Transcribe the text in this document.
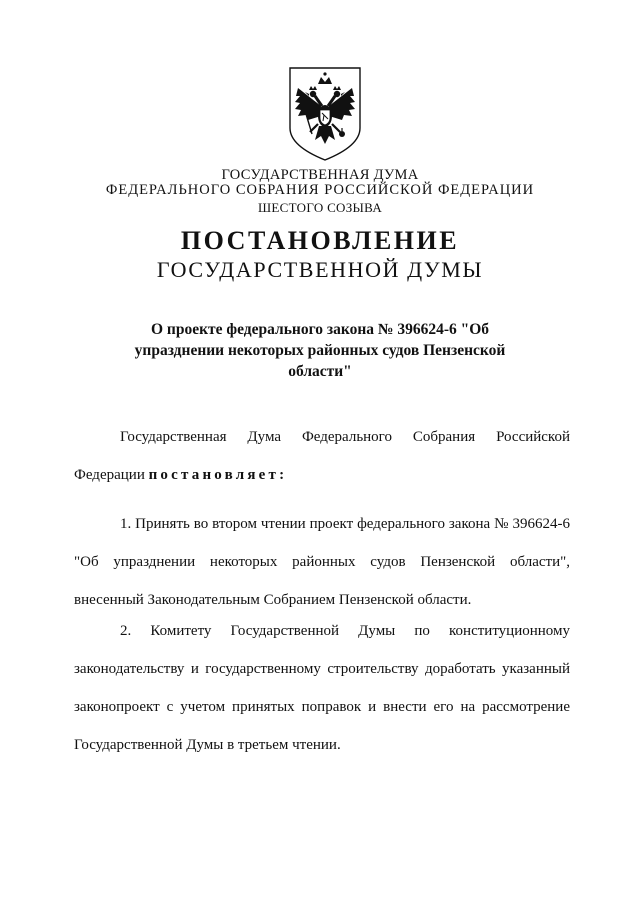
ГОСУДАРСТВЕННАЯ ДУМА
ФЕДЕРАЛЬНОГО СОБРАНИЯ РОССИЙСКОЙ ФЕДЕРАЦИИ
ШЕСТОГО СОЗЫВА
ПОСТАНОВЛЕНИЕ
ГОСУДАРСТВЕННОЙ ДУМЫ
О проекте федерального закона № 396624-6 "Об упразднении некоторых районных судов Пензенской области"
Государственная Дума Федерального Собрания Российской Федерации постановляет:
1. Принять во втором чтении проект федерального закона № 396624-6 "Об упразднении некоторых районных судов Пензенской области", внесенный Законодательным Собранием Пензенской области.
2. Комитету Государственной Думы по конституционному законодательству и государственному строительству доработать указанный законопроект с учетом принятых поправок и внести его на рассмотрение Государственной Думы в третьем чтении.
